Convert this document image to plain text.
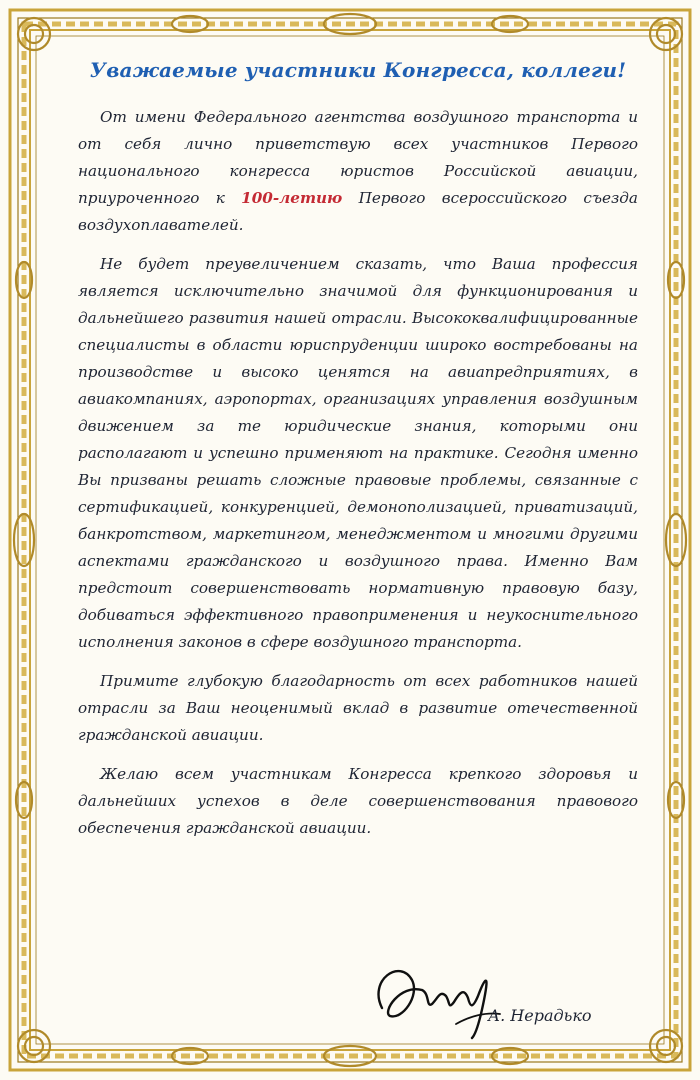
Уважаемые участники Конгресса, коллеги!

От имени Федерального агентства воздушного транспорта и от себя лично приветствую всех участников Первого национального конгресса юристов Российской авиации, приуроченного к 100-летию Первого всероссийского съезда воздухоплавателей.

Не будет преувеличением сказать, что Ваша профессия является исключительно значимой для функционирования и дальнейшего развития нашей отрасли. Высококвалифицированные специалисты в области юриспруденции широко востребованы на производстве и высоко ценятся на авиапредприятиях, в авиакомпаниях, аэропортах, организациях управления воздушным движением за те юридические знания, которыми они располагают и успешно применяют на практике. Сегодня именно Вы призваны решать сложные правовые проблемы, связанные с сертификацией, конкуренцией, демонополизацией, приватизаций, банкротством, маркетингом, менеджментом и многими другими аспектами гражданского и воздушного права. Именно Вам предстоит совершенствовать нормативную правовую базу, добиваться эффективного правоприменения и неукоснительного исполнения законов в сфере воздушного транспорта.

Примите глубокую благодарность от всех работников нашей отрасли за Ваш неоценимый вклад в развитие отечественной гражданской авиации.

Желаю всем участникам Конгресса крепкого здоровья и дальнейших успехов в деле совершенствования правового обеспечения гражданской авиации.

А. Нерадько
